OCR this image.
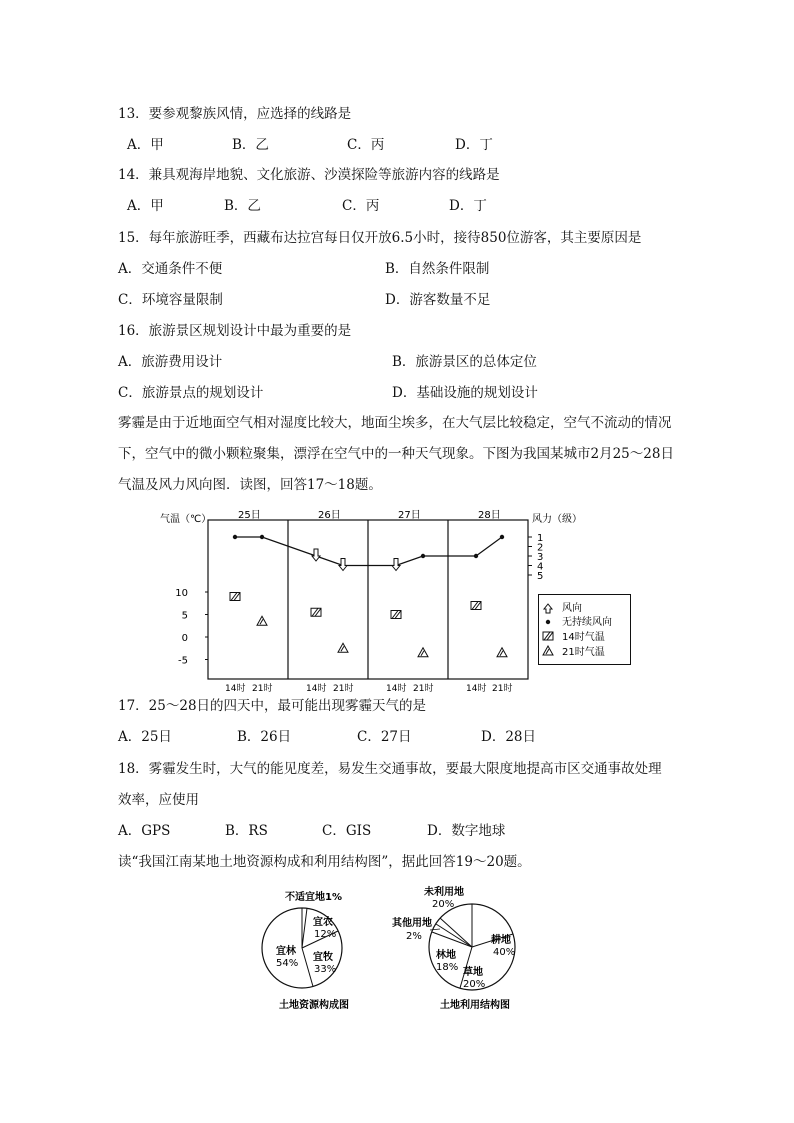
13．要参观黎族风情，应选择的线路是
A．甲	B．乙	C．丙	D．丁
14．兼具观海岸地貌、文化旅游、沙漠探险等旅游内容的线路是
A．甲	B．乙	C．丙	D．丁
15．每年旅游旺季，西藏布达拉宫每日仅开放6.5小时，接待850位游客，其主要原因是
A．交通条件不便	B．自然条件限制
C．环境容量限制	D．游客数量不足
16．旅游景区规划设计中最为重要的是
A．旅游费用设计	B．旅游景区的总体定位
C．旅游景点的规划设计	D．基础设施的规划设计
雾霾是由于近地面空气相对湿度比较大，地面尘埃多，在大气层比较稳定，空气不流动的情况下，空气中的微小颗粒聚集，漂浮在空气中的一种天气现象。下图为我国某城市2月25～28日气温及风力风向图．读图，回答17～18题。
气温（℃）	风力（级）
25日	26日	27日	28日
14时 21时	14时 21时	14时 21时	14时 21时
10
5
0
-5
1
2
3
4
5
风向
无持续风向
14时气温
21时气温
17．25～28日的四天中，最可能出现雾霾天气的是
A．25日	B．26日	C．27日	D．28日
18．雾霾发生时，大气的能见度差，易发生交通事故，要最大限度地提高市区交通事故处理
效率，应使用
A．GPS	B．RS	C．GIS	D．数字地球
读“我国江南某地土地资源构成和利用结构图”，据此回答19～20题。
不适宜地1%
宜农
12%
宜牧
33%
宜林
54%
土地资源构成图
未利用地
20%
耕地
40%
草地
20%
林地
18%
其他用地
2%
土地利用结构图
